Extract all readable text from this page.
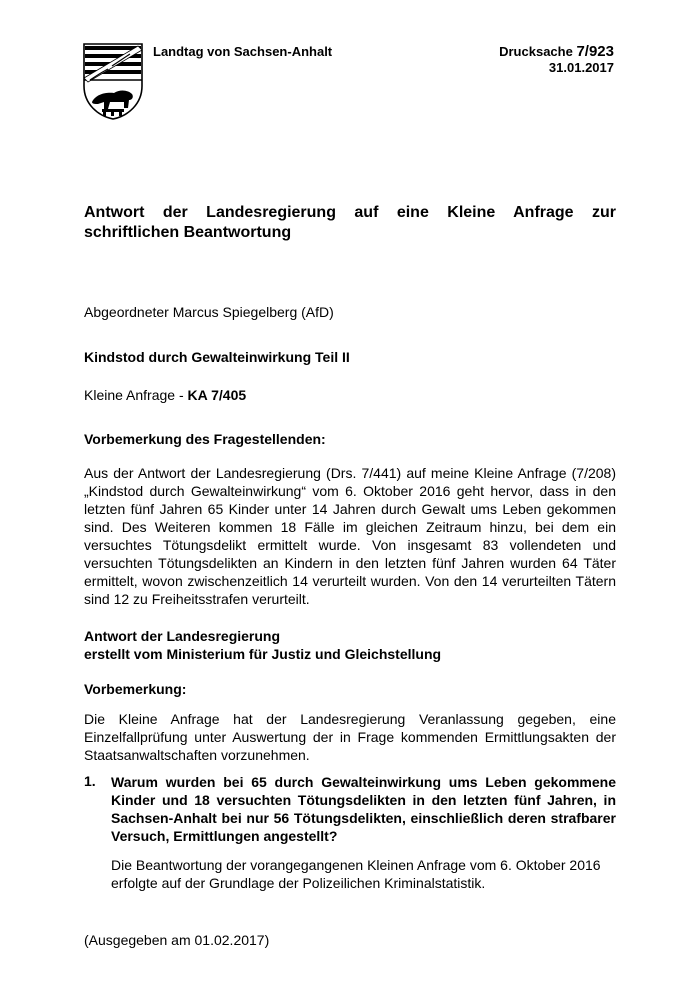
Landtag von Sachsen-Anhalt	Drucksache 7/923
31.01.2017
Antwort der Landesregierung auf eine Kleine Anfrage zur schriftlichen Beantwortung
Abgeordneter Marcus Spiegelberg (AfD)
Kindstod durch Gewalteinwirkung Teil II
Kleine Anfrage - KA 7/405
Vorbemerkung des Fragestellenden:
Aus der Antwort der Landesregierung (Drs. 7/441) auf meine Kleine Anfrage (7/208) „Kindstod durch Gewalteinwirkung“ vom 6. Oktober 2016 geht hervor, dass in den letzten fünf Jahren 65 Kinder unter 14 Jahren durch Gewalt ums Leben gekommen sind. Des Weiteren kommen 18 Fälle im gleichen Zeitraum hinzu, bei dem ein versuchtes Tötungsdelikt ermittelt wurde. Von insgesamt 83 vollendeten und versuchten Tötungsdelikten an Kindern in den letzten fünf Jahren wurden 64 Täter ermittelt, wovon zwischenzeitlich 14 verurteilt wurden. Von den 14 verurteilten Tätern sind 12 zu Freiheitsstrafen verurteilt.
Antwort der Landesregierung
erstellt vom Ministerium für Justiz und Gleichstellung
Vorbemerkung:
Die Kleine Anfrage hat der Landesregierung Veranlassung gegeben, eine Einzelfallprüfung unter Auswertung der in Frage kommenden Ermittlungsakten der Staatsanwaltschaften vorzunehmen.
1. Warum wurden bei 65 durch Gewalteinwirkung ums Leben gekommene Kinder und 18 versuchten Tötungsdelikten in den letzten fünf Jahren, in Sachsen-Anhalt bei nur 56 Tötungsdelikten, einschließlich deren strafbarer Versuch, Ermittlungen angestellt?
Die Beantwortung der vorangegangenen Kleinen Anfrage vom 6. Oktober 2016 erfolgte auf der Grundlage der Polizeilichen Kriminalstatistik.
(Ausgegeben am 01.02.2017)
